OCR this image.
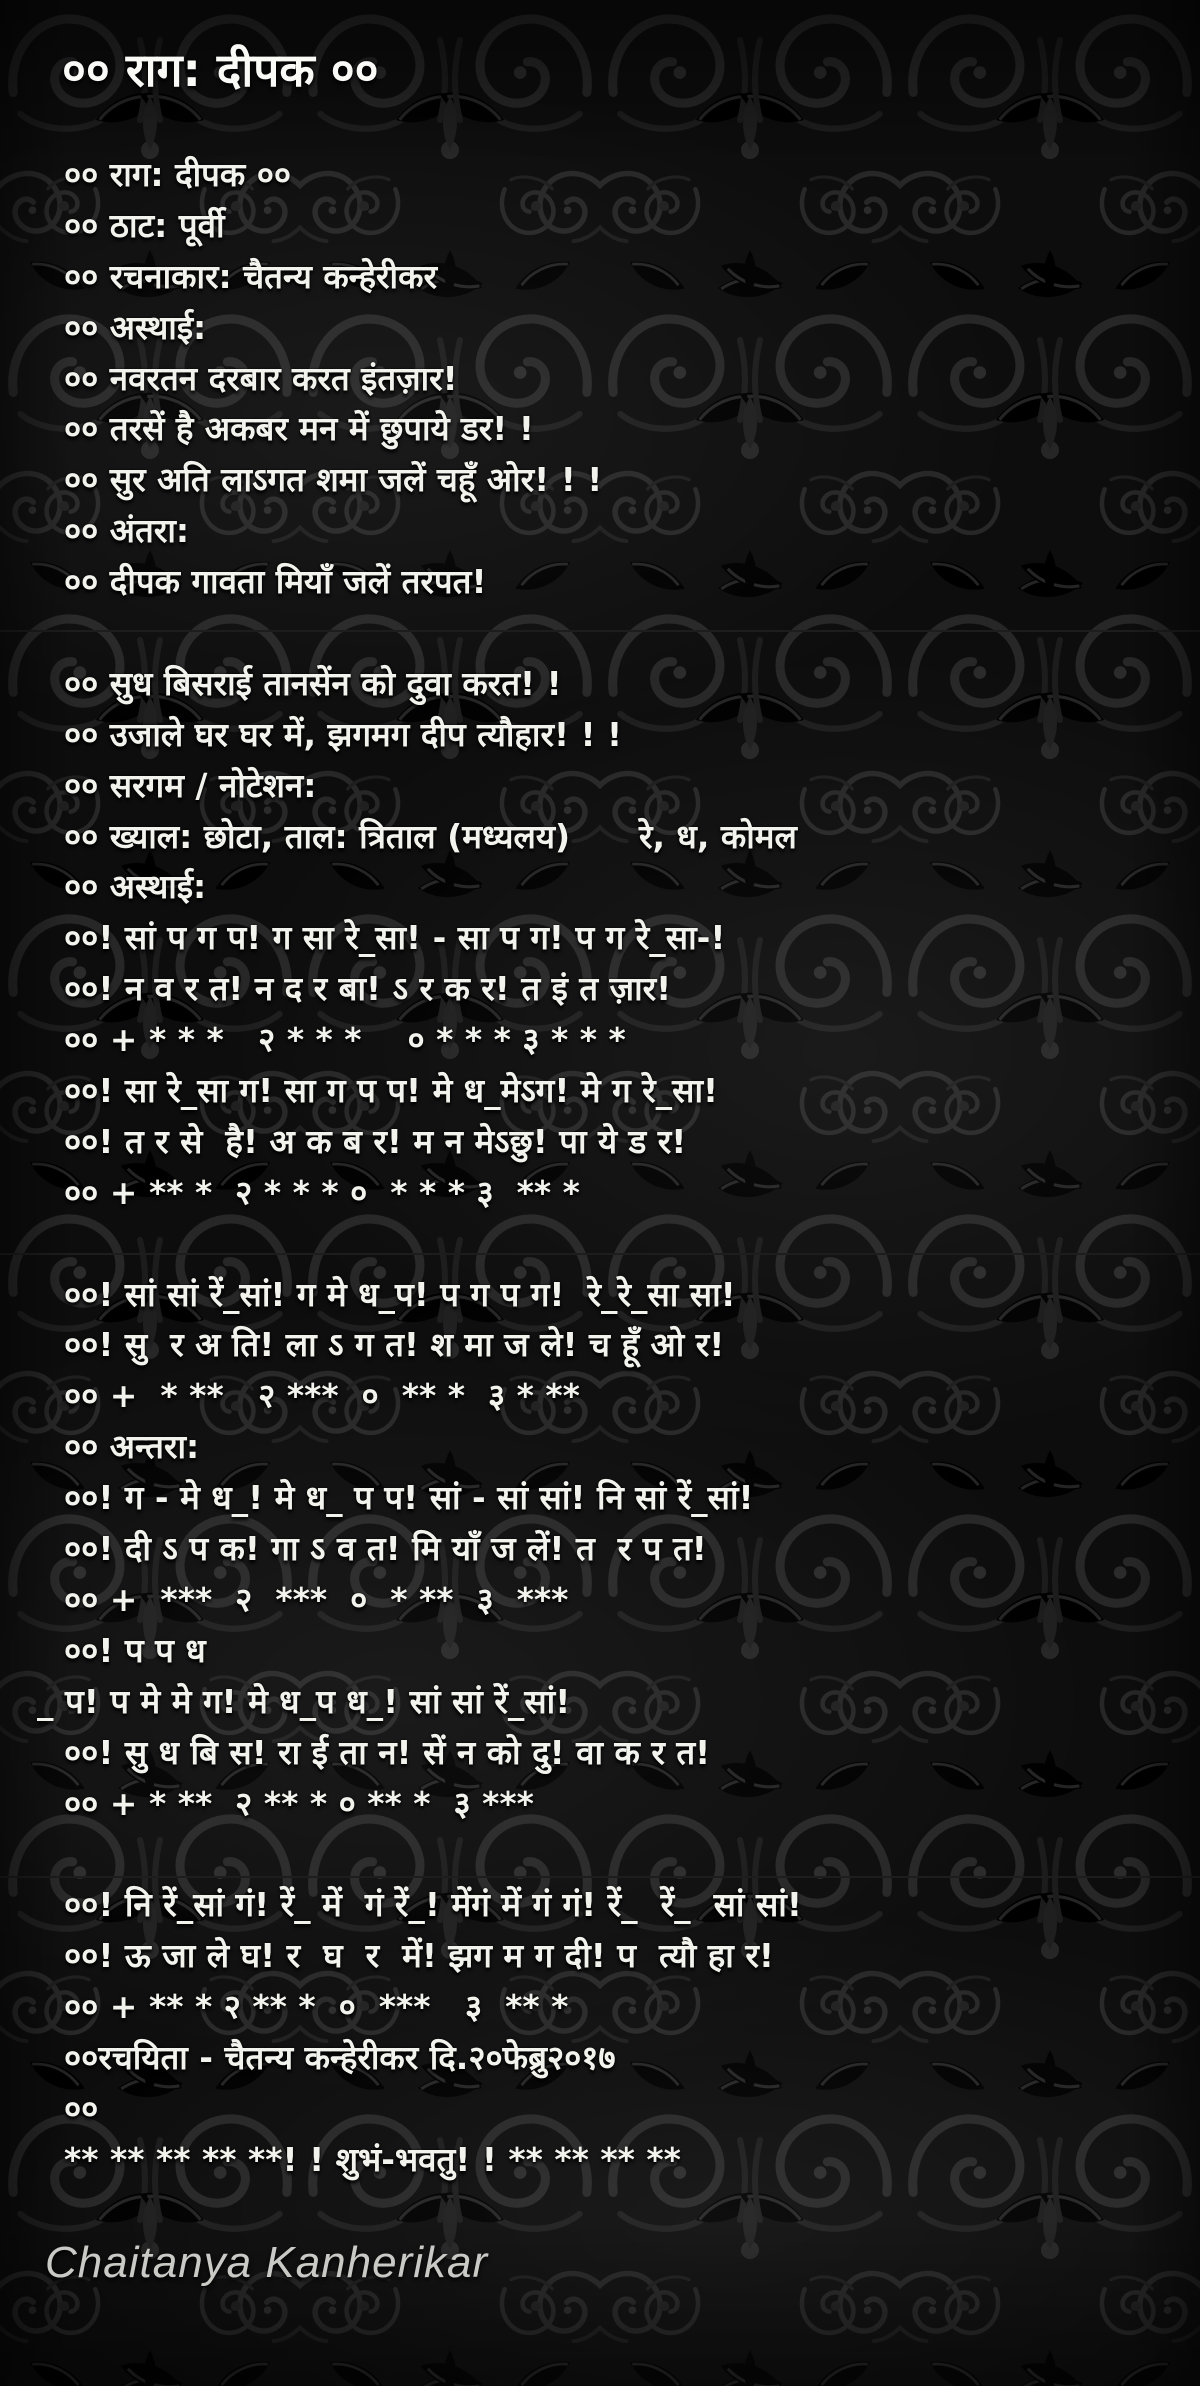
०० राग: दीपक ००
०० राग: दीपक ००
०० ठाट: पूर्वी
०० रचनाकार: चैतन्य कन्हेरीकर
०० अस्थाई:
०० नवरतन दरबार करत इंतज़ार!
०० तरसें है अकबर मन में छुपाये डर! !
०० सुर अति लाऽगत शमा जलें चहूँ ओर! ! !
०० अंतरा:
०० दीपक गावता मियाँ जलें तरपत!
०० सुध बिसराई तानसेंन को दुवा करत! !
०० उजाले घर घर में, झगमग दीप त्यौहार! ! !
०० सरगम / नोटेशन:
०० ख्याल: छोटा, ताल: त्रिताल (मध्यलय)      रे, ध, कोमल
०० अस्थाई:
००! सां प ग प! ग सा रे_सा! - सा प ग! प ग रे_सा-!
००! न व र त! न द र बा! ऽ र क र! त इं त ज़ार!
०० + * * *   २ * * *    ० * * * ३ * * *
००! सा रे_सा ग! सा ग प प! मे ध_मेऽग! मे ग रे_सा!
००! त र से  है! अ क ब र! म न मेऽछु! पा ये ड र!
०० + ** *  २ * * * ०  * * * ३  ** *
००! सां सां रें_सां! ग मे ध_प! प ग प ग!  रे_रे_सा सा!
००! सु  र अ ति! ला ऽ ग त! श मा ज ले! च हूँ ओ र!
०० +  * **   २ ***  ०  ** *  ३ * **
०० अन्तरा:
००! ग - मे ध_! मे ध_ प प! सां - सां सां! नि सां रें_सां!
००! दी ऽ प क! गा ऽ व त! मि याँ ज लें! त  र प त!
०० +  ***  २  ***  ०  * **  ३  ***
००! प प ध
_ प! प मे मे ग! मे ध_प ध_! सां सां रें_सां!
००! सु ध बि स! रा ई ता न! सें न को दु! वा क र त!
०० + * **  २ ** * ० ** *  ३ ***
००! नि रें_सां गं! रें_ में  गं रें_! मेंगं में गं गं! रें_  रें_  सां सां!
००! ऊ जा ले घ! र  घ  र  में! झग म ग दी! प  त्यौ हा र!
०० + ** * २ ** *  ०  ***   ३  ** *
००रचयिता - चैतन्य कन्हेरीकर दि.२०फेब्रु२०१७
००
** ** ** ** **! ! शुभं-भवतु! ! ** ** ** **
Chaitanya Kanherikar
